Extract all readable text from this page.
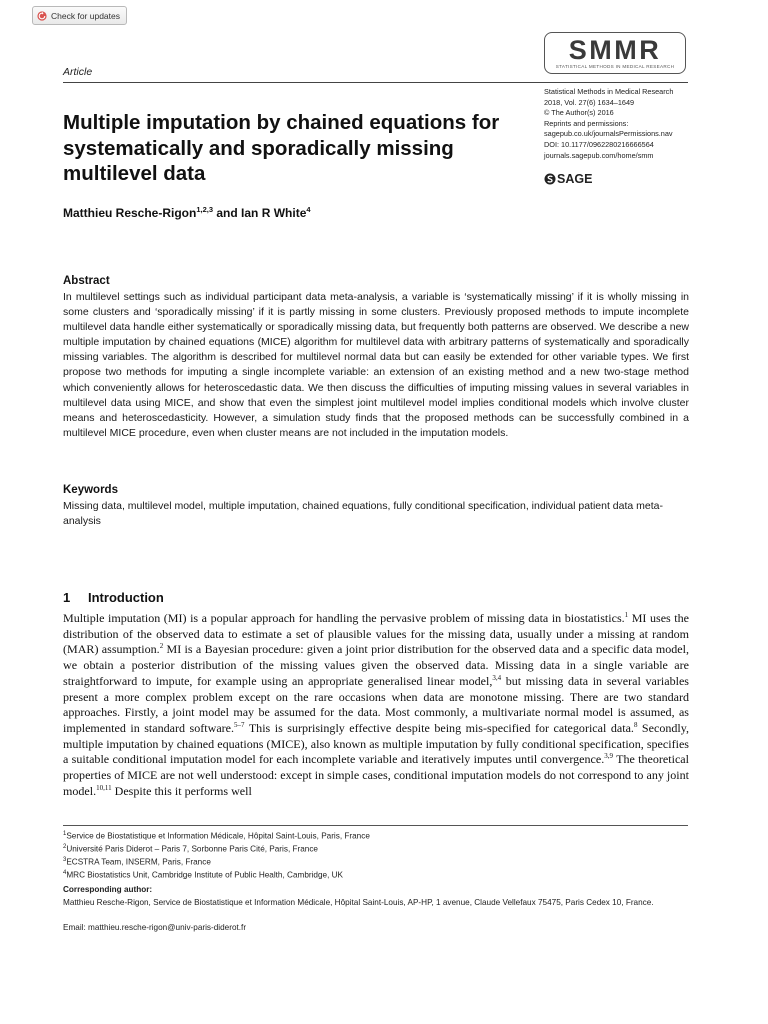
Check for updates
Article
SMMR
STATISTICAL METHODS IN MEDICAL RESEARCH
Statistical Methods in Medical Research
2018, Vol. 27(6) 1634–1649
© The Author(s) 2016
Reprints and permissions:
sagepub.co.uk/journalsPermissions.nav
DOI: 10.1177/0962280216666564
journals.sagepub.com/home/smm
SAGE
Multiple imputation by chained equations for systematically and sporadically missing multilevel data
Matthieu Resche-Rigon$^{1,2,3}$ and Ian R White$^4$
Abstract

In multilevel settings such as individual participant data meta-analysis, a variable is ‘systematically missing’ if it is wholly missing in some clusters and ‘sporadically missing’ if it is partly missing in some clusters. Previously proposed methods to impute incomplete multilevel data handle either systematically or sporadically missing data, but frequently both patterns are observed. We describe a new multiple imputation by chained equations (MICE) algorithm for multilevel data with arbitrary patterns of systematically and sporadically missing variables. The algorithm is described for multilevel normal data but can easily be extended for other variable types. We first propose two methods for imputing a single incomplete variable: an extension of an existing method and a new two-stage method which conveniently allows for heteroscedastic data. We then discuss the difficulties of imputing missing values in several variables in multilevel data using MICE, and show that even the simplest joint multilevel model implies conditional models which involve cluster means and heteroscedasticity. However, a simulation study finds that the proposed methods can be successfully combined in a multilevel MICE procedure, even when cluster means are not included in the imputation models.

Keywords

Missing data, multilevel model, multiple imputation, chained equations, fully conditional specification, individual patient data meta-analysis

1 Introduction

Multiple imputation (MI) is a popular approach for handling the pervasive problem of missing data in biostatistics.$^1$ MI uses the distribution of the observed data to estimate a set of plausible values for the missing data, usually under a missing at random (MAR) assumption.$^2$ MI is a Bayesian procedure: given a joint prior distribution for the observed data and a specific data model, we obtain a posterior distribution of the missing values given the observed data. Missing data in a single variable are straightforward to impute, for example using an appropriate generalised linear model,$^{3,4}$ but missing data in several variables present a more complex problem except on the rare occasions when data are monotone missing. There are two standard approaches. Firstly, a joint model may be assumed for the data. Most commonly, a multivariate normal model is assumed, as implemented in standard software.$^{5-7}$ This is surprisingly effective despite being mis-specified for categorical data.$^8$ Secondly, multiple imputation by chained equations (MICE), also known as multiple imputation by fully conditional specification, specifies a suitable conditional imputation model for each incomplete variable and iteratively imputes until convergence.$^{3,9}$ The theoretical properties of MICE are not well understood: except in simple cases, conditional imputation models do not correspond to any joint model.$^{10,11}$ Despite this it performs well

$^1$Service de Biostatistique et Information Médicale, Hôpital Saint-Louis, Paris, France
$^2$Université Paris Diderot – Paris 7, Sorbonne Paris Cité, Paris, France
$^3$ECSTRA Team, INSERM, Paris, France
$^4$MRC Biostatistics Unit, Cambridge Institute of Public Health, Cambridge, UK
Corresponding author:

Matthieu Resche-Rigon, Service de Biostatistique et Information Médicale, Hôpital Saint-Louis, AP-HP, 1 avenue, Claude Vellefaux 75475, Paris Cedex 10, France.

Email: matthieu.resche-rigon@univ-paris-diderot.fr
